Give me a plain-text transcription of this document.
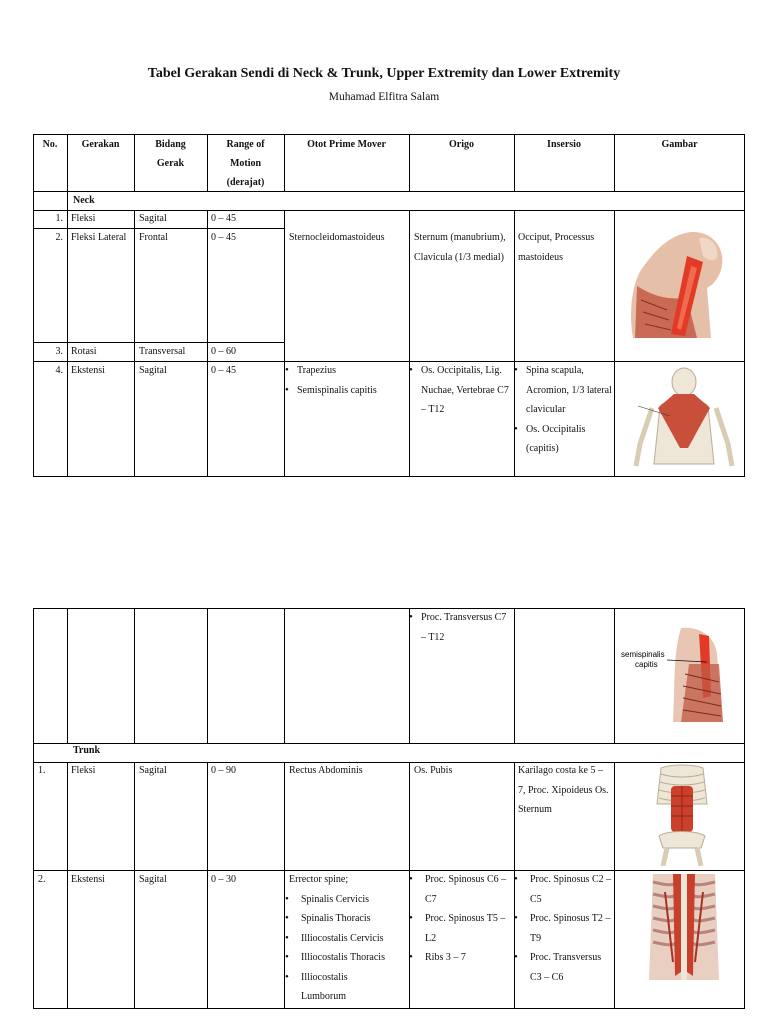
Tabel Gerakan Sendi di Neck & Trunk, Upper Extremity dan Lower Extremity
Muhamad Elfitra Salam
No.	Gerakan	Bidang
Gerak
Range of
Motion
(derajat)
Otot Prime Mover	Origo	Insersio	Gambar
Neck
1. Fleksi	Sagital	0 – 45
2. Fleksi Lateral	Frontal	0 – 45	Sternocleidomastoideus	Sternum (manubrium), Clavicula (1/3 medial)
Occiput, Processus mastoideus
3. Rotasi	Transversal	0 – 60
4. Ekstensi	Sagital	0 – 45
•	Trapezius
• Semispinalis capitis
• Os. Occipitalis, Lig. Nuchae, Vertebrae C7 – T12
• Spina scapula, Acromion, 1/3 lateral clavicular
• Os. Occipitalis (capitis)
• Proc. Transversus C7 – T12
semispinalis
capitis
Trunk
1.	Fleksi	Sagital	0 – 90	Rectus Abdominis	Os. Pubis	Karilago costa ke 5 – 7, Proc. Xipoideus Os. Sternum
2.	Ekstensi	Sagital	0 – 30	Errector spine;
• Spinalis Cervicis
• Spinalis Thoracis
• Illiocostalis Cervicis
• Illiocostalis Thoracis
• Illiocostalis Lumborum
• Proc. Spinosus C6 – C7
• Proc. Spinosus T5 – L2
• Ribs 3 – 7
• Proc. Spinosus C2 – C5
• Proc. Spinosus T2 – T9
• Proc. Transversus C3 – C6
